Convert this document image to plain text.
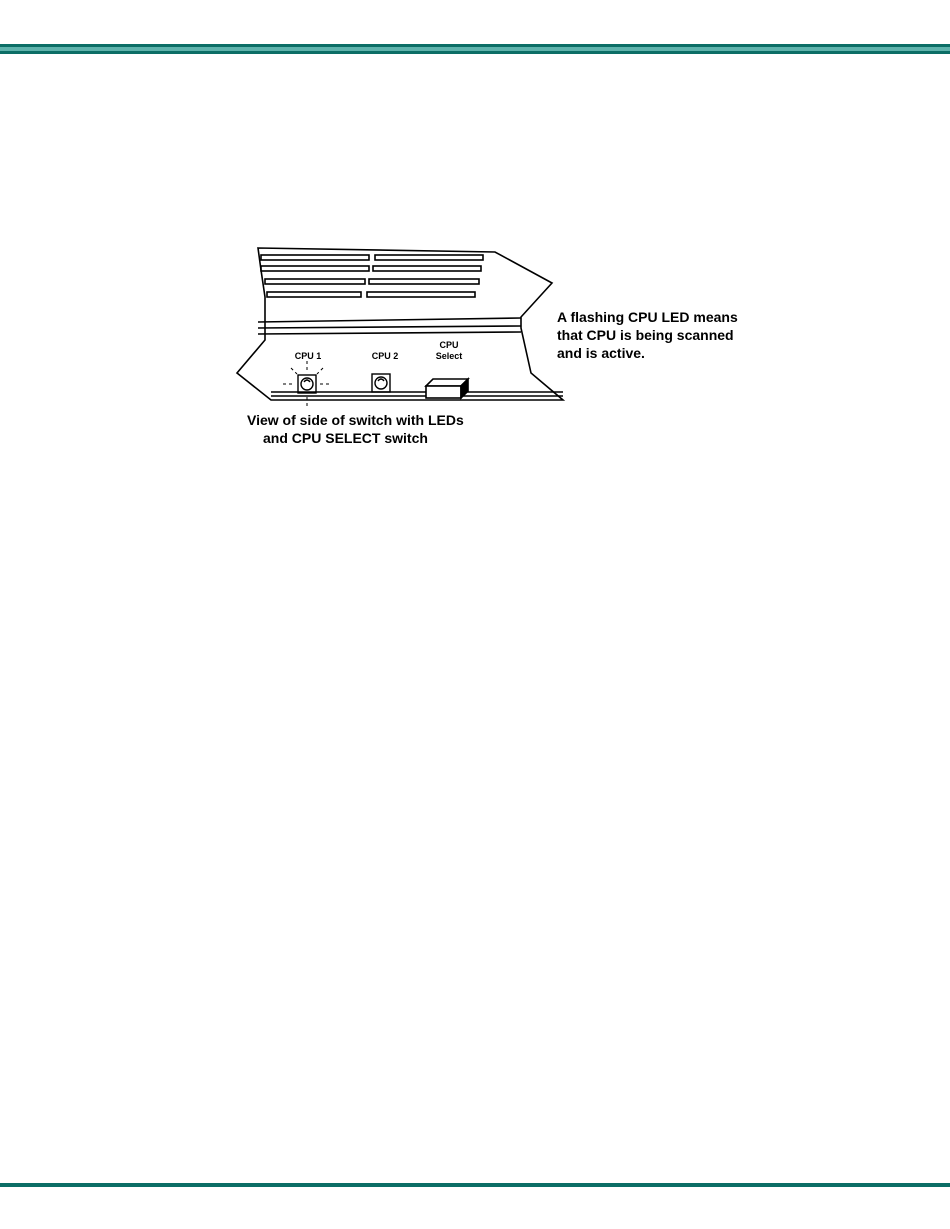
CPU 1	CPU 2
CPU
Select
A flashing CPU LED means
that CPU is being scanned
and is active.
View of side of switch with LEDs
and CPU SELECT switch
